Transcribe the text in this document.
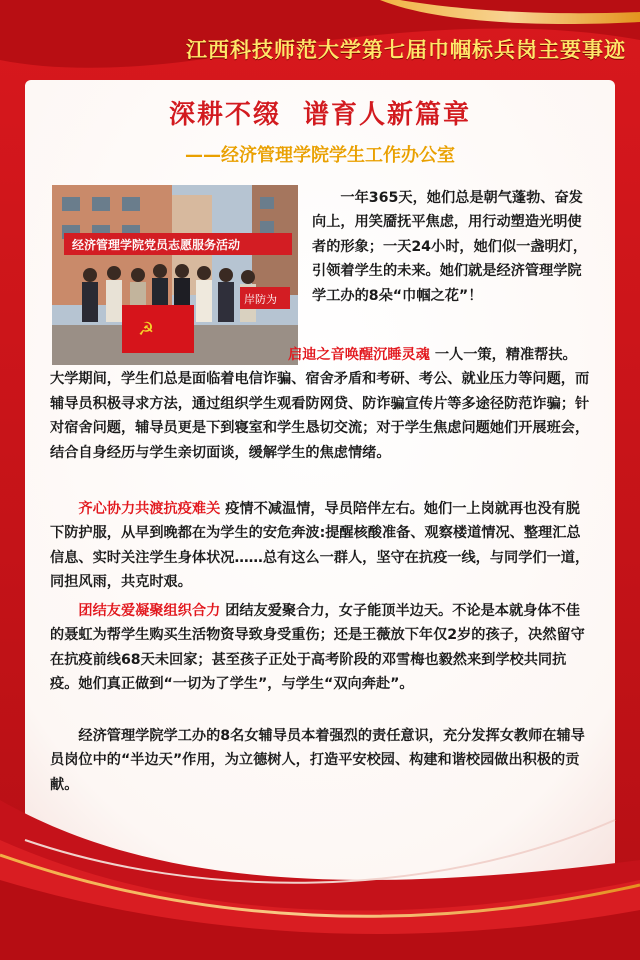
江西科技师范大学第七届巾帼标兵岗主要事迹
深耕不缀  谱育人新篇章
——经济管理学院学生工作办公室
经济管理学院党员志愿服务活动
☭
岸防为

一年365天，她们总是朝气蓬勃、奋发向上，用笑靥抚平焦虑，用行动塑造光明使者的形象；一天24小时，她们似一盏明灯，引领着学生的未来。她们就是经济管理学院学工办的8朵“巾帼之花”！

启迪之音唤醒沉睡灵魂 一人一策，精准帮扶。大学期间，学生们总是面临着电信诈骗、宿舍矛盾和考研、考公、就业压力等问题，而辅导员积极寻求方法，通过组织学生观看防网贷、防诈骗宣传片等多途径防范诈骗；针对宿舍问题，辅导员更是下到寝室和学生恳切交流；对于学生焦虑问题她们开展班会，结合自身经历与学生亲切面谈，缓解学生的焦虑情绪。

齐心协力共渡抗疫难关 疫情不减温情，导员陪伴左右。她们一上岗就再也没有脱下防护服，从早到晚都在为学生的安危奔波:提醒核酸准备、观察楼道情况、整理汇总信息、实时关注学生身体状况……总有这么一群人，坚守在抗疫一线，与同学们一道，同担风雨，共克时艰。

团结友爱凝聚组织合力 团结友爱聚合力，女子能顶半边天。不论是本就身体不佳的聂虹为帮学生购买生活物资导致身受重伤；还是王薇放下年仅2岁的孩子，决然留守在抗疫前线68天未回家；甚至孩子正处于高考阶段的邓雪梅也毅然来到学校共同抗疫。她们真正做到“一切为了学生”，与学生“双向奔赴”。

经济管理学院学工办的8名女辅导员本着强烈的责任意识，充分发挥女教师在辅导员岗位中的“半边天”作用，为立德树人，打造平安校园、构建和谐校园做出积极的贡献。
